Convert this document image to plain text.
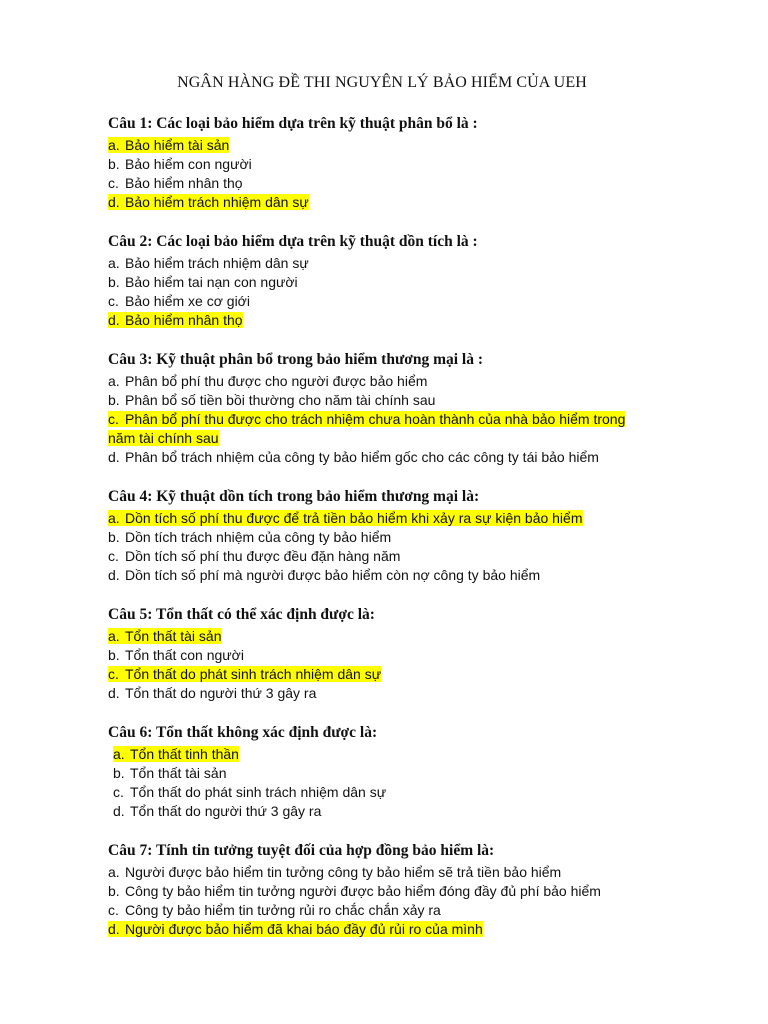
NGÂN HÀNG ĐỀ THI NGUYÊN LÝ BẢO HIỂM CỦA UEH
Câu 1: Các loại bảo hiểm dựa trên kỹ thuật phân bổ là :
a. Bảo hiểm tài sản
b. Bảo hiểm con người
c. Bảo hiểm nhân thọ
d. Bảo hiểm trách nhiệm dân sự
Câu 2: Các loại bảo hiểm dựa trên kỹ thuật dồn tích là :
a. Bảo hiểm trách nhiệm dân sự
b. Bảo hiểm tai nạn con người
c. Bảo hiểm xe cơ giới
d. Bảo hiểm nhân thọ
Câu 3: Kỹ thuật phân bổ trong bảo hiểm thương mại là :
a. Phân bổ phí thu được cho người được bảo hiểm
b. Phân bổ số tiền bồi thường cho năm tài chính sau
c. Phân bổ phí thu được cho trách nhiệm chưa hoàn thành của nhà bảo hiểm trong năm tài chính sau
d. Phân bổ trách nhiệm của công ty bảo hiểm gốc cho các công ty tái bảo hiểm
Câu 4: Kỹ thuật dồn tích trong bảo hiểm thương mại là:
a. Dồn tích số phí thu được để trả tiền bảo hiểm khi xảy ra sự kiện bảo hiểm
b. Dồn tích trách nhiệm của công ty bảo hiểm
c. Dồn tích số phí thu được đều đặn hàng năm
d. Dồn tích số phí mà người được bảo hiểm còn nợ công ty bảo hiểm
Câu 5: Tổn thất có thể xác định được là:
a. Tổn thất tài sản
b. Tổn thất con người
c. Tổn thất do phát sinh trách nhiệm dân sự
d. Tổn thất do người thứ 3 gây ra
Câu 6: Tổn thất không xác định được là:
a. Tổn thất tinh thần
b. Tổn thất tài sản
c. Tổn thất do phát sinh trách nhiệm dân sự
d. Tổn thất do người thứ 3 gây ra
Câu 7: Tính tin tưởng tuyệt đối của hợp đồng bảo hiểm là:
a. Người được bảo hiểm tin tưởng công ty bảo hiểm sẽ trả tiền bảo hiểm
b. Công ty bảo hiểm tin tưởng người được bảo hiểm đóng đầy đủ phí bảo hiểm
c. Công ty bảo hiểm tin tưởng rủi ro chắc chắn xảy ra
d. Người được bảo hiểm đã khai báo đầy đủ rủi ro của mình
